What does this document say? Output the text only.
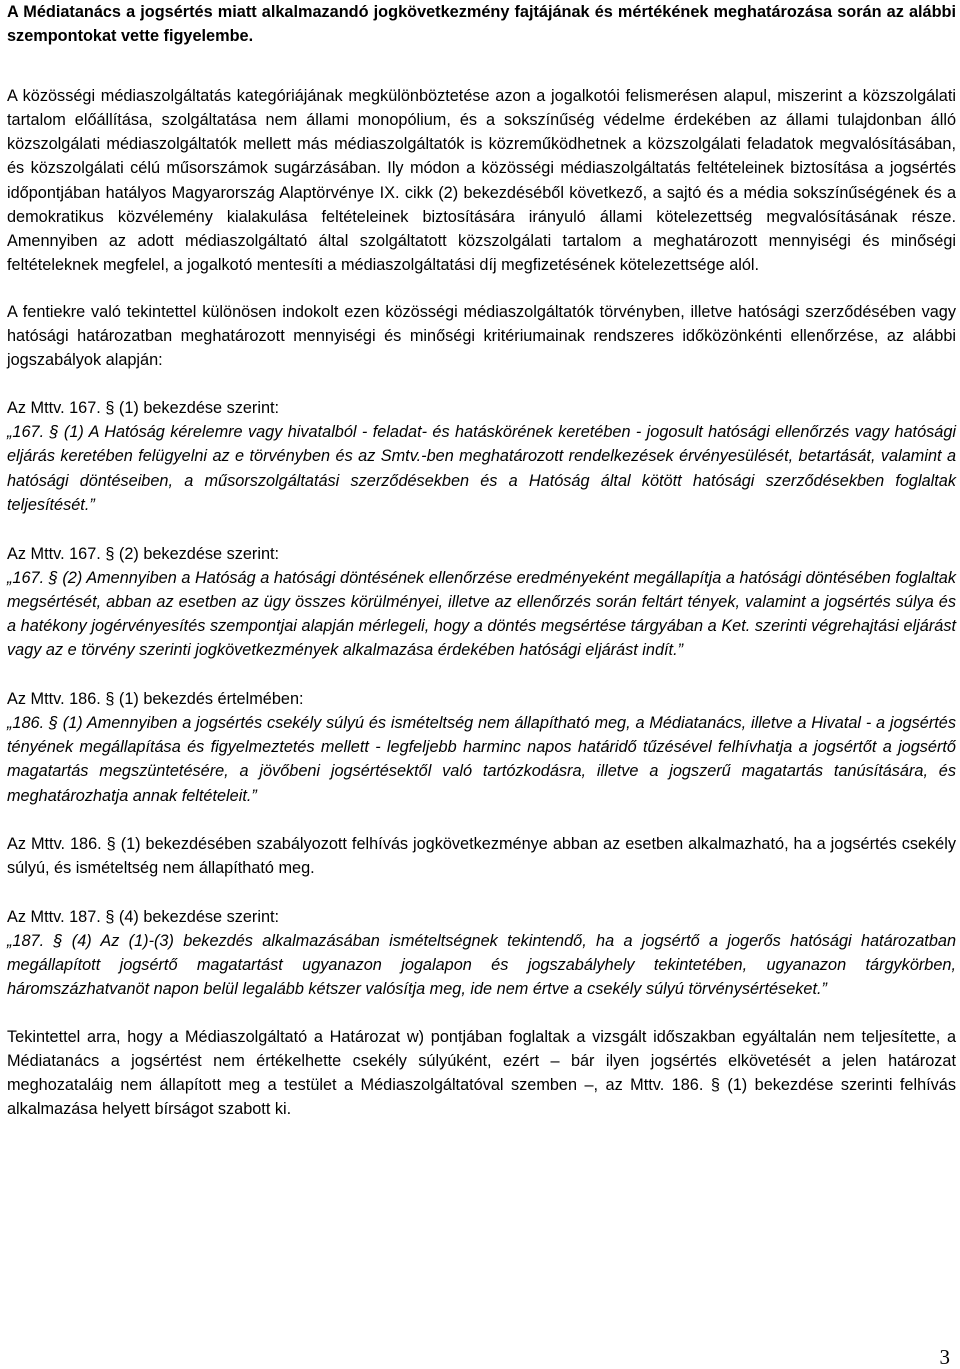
A Médiatanács a jogsértés miatt alkalmazandó jogkövetkezmény fajtájának és mértékének meghatározása során az alábbi szempontokat vette figyelembe.

A közösségi médiaszolgáltatás kategóriájának megkülönböztetése azon a jogalkotói felismerésen alapul, miszerint a közszolgálati tartalom előállítása, szolgáltatása nem állami monopólium, és a sokszínűség védelme érdekében az állami tulajdonban álló közszolgálati médiaszolgáltatók mellett más médiaszolgáltatók is közreműködhetnek a közszolgálati feladatok megvalósításában, és közszolgálati célú műsorszámok sugárzásában. Ily módon a közösségi médiaszolgáltatás feltételeinek biztosítása a jogsértés időpontjában hatályos Magyarország Alaptörvénye IX. cikk (2) bekezdéséből következő, a sajtó és a média sokszínűségének és a demokratikus közvélemény kialakulása feltételeinek biztosítására irányuló állami kötelezettség megvalósításának része. Amennyiben az adott médiaszolgáltató által szolgáltatott közszolgálati tartalom a meghatározott mennyiségi és minőségi feltételeknek megfelel, a jogalkotó mentesíti a médiaszolgáltatási díj megfizetésének kötelezettsége alól.

A fentiekre való tekintettel különösen indokolt ezen közösségi médiaszolgáltatók törvényben, illetve hatósági szerződésében vagy hatósági határozatban meghatározott mennyiségi és minőségi kritériumainak rendszeres időközönkénti ellenőrzése, az alábbi jogszabályok alapján:

Az Mttv. 167. § (1) bekezdése szerint:

„167. § (1) A Hatóság kérelemre vagy hivatalból - feladat- és hatáskörének keretében - jogosult hatósági ellenőrzés vagy hatósági eljárás keretében felügyelni az e törvényben és az Smtv.-ben meghatározott rendelkezések érvényesülését, betartását, valamint a hatósági döntéseiben, a műsorszolgáltatási szerződésekben és a Hatóság által kötött hatósági szerződésekben foglaltak teljesítését.”

Az Mttv. 167. § (2) bekezdése szerint:

„167. § (2) Amennyiben a Hatóság a hatósági döntésének ellenőrzése eredményeként megállapítja a hatósági döntésében foglaltak megsértését, abban az esetben az ügy összes körülményei, illetve az ellenőrzés során feltárt tények, valamint a jogsértés súlya és a hatékony jogérvényesítés szempontjai alapján mérlegeli, hogy a döntés megsértése tárgyában a Ket. szerinti végrehajtási eljárást vagy az e törvény szerinti jogkövetkezmények alkalmazása érdekében hatósági eljárást indít.”

Az Mttv. 186. § (1) bekezdés értelmében:

„186. § (1) Amennyiben a jogsértés csekély súlyú és ismételtség nem állapítható meg, a Médiatanács, illetve a Hivatal - a jogsértés tényének megállapítása és figyelmeztetés mellett - legfeljebb harminc napos határidő tűzésével felhívhatja a jogsértőt a jogsértő magatartás megszüntetésére, a jövőbeni jogsértésektől való tartózkodásra, illetve a jogszerű magatartás tanúsítására, és meghatározhatja annak feltételeit.”

Az Mttv. 186. § (1) bekezdésében szabályozott felhívás jogkövetkezménye abban az esetben alkalmazható, ha a jogsértés csekély súlyú, és ismételtség nem állapítható meg.

Az Mttv. 187. § (4) bekezdése szerint:

„187. § (4) Az (1)-(3) bekezdés alkalmazásában ismételtségnek tekintendő, ha a jogsértő a jogerős hatósági határozatban megállapított jogsértő magatartást ugyanazon jogalapon és jogszabályhely tekintetében, ugyanazon tárgykörben, háromszázhatvanöt napon belül legalább kétszer valósítja meg, ide nem értve a csekély súlyú törvénysértéseket.”

Tekintettel arra, hogy a Médiaszolgáltató a Határozat w) pontjában foglaltak a vizsgált időszakban egyáltalán nem teljesítette, a Médiatanács a jogsértést nem értékelhette csekély súlyúként, ezért – bár ilyen jogsértés elkövetését a jelen határozat meghozataláig nem állapított meg a testület a Médiaszolgáltatóval szemben –, az Mttv. 186. § (1) bekezdése szerinti felhívás alkalmazása helyett bírságot szabott ki.

3
